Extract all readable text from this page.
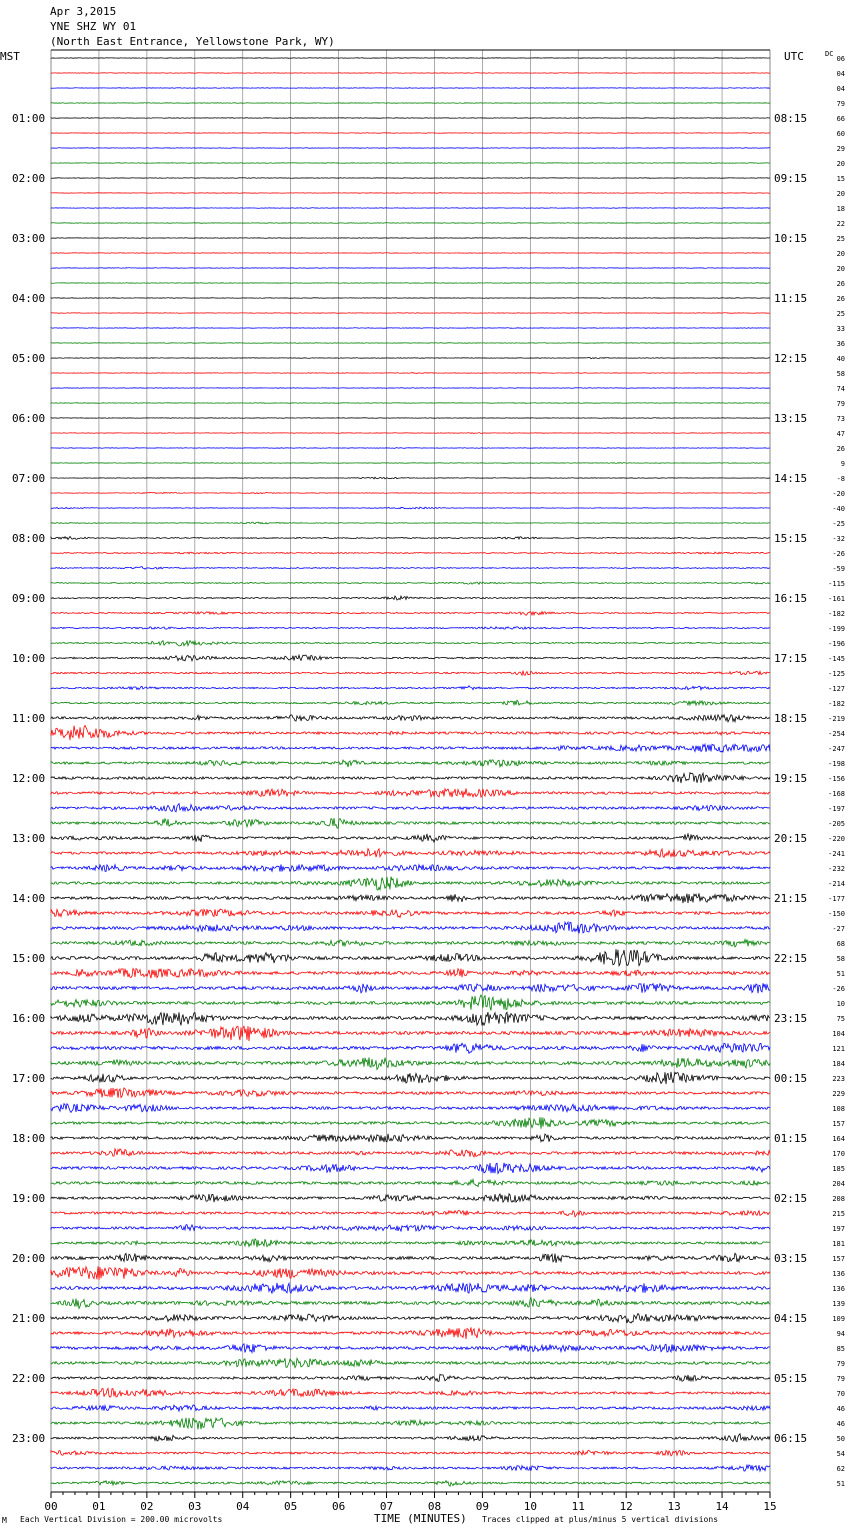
Apr 3,2015
YNE SHZ WY 01
(North East Entrance, Yellowstone Park, WY)
MST	UTC	DC
01:00
02:00
03:00
04:00
05:00
06:00
07:00
08:00
09:00
10:00
11:00
12:00
13:00
14:00
15:00
16:00
17:00
18:00
19:00
20:00
21:00
22:00
23:00
08:15
09:15
10:15
11:15
12:15
13:15
14:15
15:15
16:15
17:15
18:15
19:15
20:15
21:15
22:15
23:15
00:15
01:15
02:15
03:15
04:15
05:15
06:15
06
04
04
79
66
60
29
20
15
20
18
22
25
20
20
26
26
25
33
36
40
58
74
79
73
47
26
9
-8
-20
-40
-25
-32
-26
-59
-115
-161
-182
-199
-196
-145
-125
-127
-182
-219
-254
-247
-198
-156
-168
-197
-205
-220
-241
-232
-214
-177
-150
-27
68
58
51
-26
10
75
104
121
184
223
229
108
157
164
170
185
204
208
215
197
181
157
136
136
139
109
94
85
79
79
70
46
46
50
54
62
51
00	01	02	03	04	05	06	07	08	09	10	11	12	13	14	15
M Each Vertical Division = 200.00 microvolts	TIME (MINUTES) Traces clipped at plus/minus 5 vertical divisions
